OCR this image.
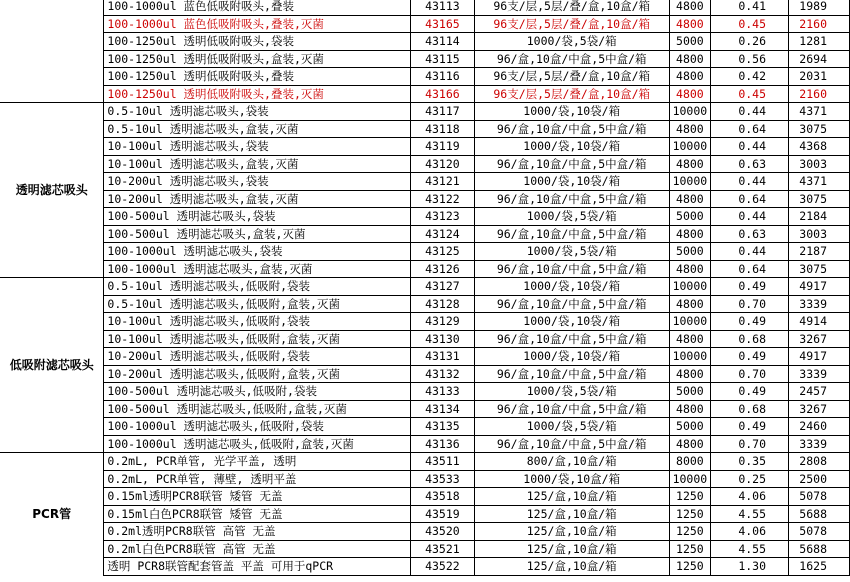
	100-1000ul 蓝色低吸附吸头,叠装	43113	96支/层,5层/叠/盒,10盒/箱	4800	0.41	1989
	100-1000ul 蓝色低吸附吸头,叠装,灭菌	43165	96支/层,5层/叠/盒,10盒/箱	4800	0.45	2160
	100-1250ul 透明低吸附吸头,袋装	43114	1000/袋,5袋/箱	5000	0.26	1281
	100-1250ul 透明低吸附吸头,盒装,灭菌	43115	96/盒,10盒/中盒,5中盒/箱	4800	0.56	2694
	100-1250ul 透明低吸附吸头,叠装	43116	96支/层,5层/叠/盒,10盒/箱	4800	0.42	2031
	100-1250ul 透明低吸附吸头,叠装,灭菌	43166	96支/层,5层/叠/盒,10盒/箱	4800	0.45	2160
透明滤芯吸头	0.5-10ul 透明滤芯吸头,袋装	43117	1000/袋,10袋/箱	10000	0.44	4371
	0.5-10ul 透明滤芯吸头,盒装,灭菌	43118	96/盒,10盒/中盒,5中盒/箱	4800	0.64	3075
	10-100ul 透明滤芯吸头,袋装	43119	1000/袋,10袋/箱	10000	0.44	4368
	10-100ul 透明滤芯吸头,盒装,灭菌	43120	96/盒,10盒/中盒,5中盒/箱	4800	0.63	3003
	10-200ul 透明滤芯吸头,袋装	43121	1000/袋,10袋/箱	10000	0.44	4371
	10-200ul 透明滤芯吸头,盒装,灭菌	43122	96/盒,10盒/中盒,5中盒/箱	4800	0.64	3075
	100-500ul 透明滤芯吸头,袋装	43123	1000/袋,5袋/箱	5000	0.44	2184
	100-500ul 透明滤芯吸头,盒装,灭菌	43124	96/盒,10盒/中盒,5中盒/箱	4800	0.63	3003
	100-1000ul 透明滤芯吸头,袋装	43125	1000/袋,5袋/箱	5000	0.44	2187
	100-1000ul 透明滤芯吸头,盒装,灭菌	43126	96/盒,10盒/中盒,5中盒/箱	4800	0.64	3075
低吸附滤芯吸头	0.5-10ul 透明滤芯吸头,低吸附,袋装	43127	1000/袋,10袋/箱	10000	0.49	4917
	0.5-10ul 透明滤芯吸头,低吸附,盒装,灭菌	43128	96/盒,10盒/中盒,5中盒/箱	4800	0.70	3339
	10-100ul 透明滤芯吸头,低吸附,袋装	43129	1000/袋,10袋/箱	10000	0.49	4914
	10-100ul 透明滤芯吸头,低吸附,盒装,灭菌	43130	96/盒,10盒/中盒,5中盒/箱	4800	0.68	3267
	10-200ul 透明滤芯吸头,低吸附,袋装	43131	1000/袋,10袋/箱	10000	0.49	4917
	10-200ul 透明滤芯吸头,低吸附,盒装,灭菌	43132	96/盒,10盒/中盒,5中盒/箱	4800	0.70	3339
	100-500ul 透明滤芯吸头,低吸附,袋装	43133	1000/袋,5袋/箱	5000	0.49	2457
	100-500ul 透明滤芯吸头,低吸附,盒装,灭菌	43134	96/盒,10盒/中盒,5中盒/箱	4800	0.68	3267
	100-1000ul 透明滤芯吸头,低吸附,袋装	43135	1000/袋,5袋/箱	5000	0.49	2460
	100-1000ul 透明滤芯吸头,低吸附,盒装,灭菌	43136	96/盒,10盒/中盒,5中盒/箱	4800	0.70	3339
PCR管	0.2mL, PCR单管, 光学平盖, 透明	43511	800/盒,10盒/箱	8000	0.35	2808
	0.2mL, PCR单管, 薄壁, 透明平盖	43533	1000/袋,10盒/箱	10000	0.25	2500
	0.15ml透明PCR8联管 矮管 无盖	43518	125/盒,10盒/箱	1250	4.06	5078
	0.15ml白色PCR8联管 矮管 无盖	43519	125/盒,10盒/箱	1250	4.55	5688
	0.2ml透明PCR8联管 高管 无盖	43520	125/盒,10盒/箱	1250	4.06	5078
	0.2ml白色PCR8联管 高管 无盖	43521	125/盒,10盒/箱	1250	4.55	5688
	透明 PCR8联管配套管盖 平盖 可用于qPCR	43522	125/盒,10盒/箱	1250	1.30	1625
